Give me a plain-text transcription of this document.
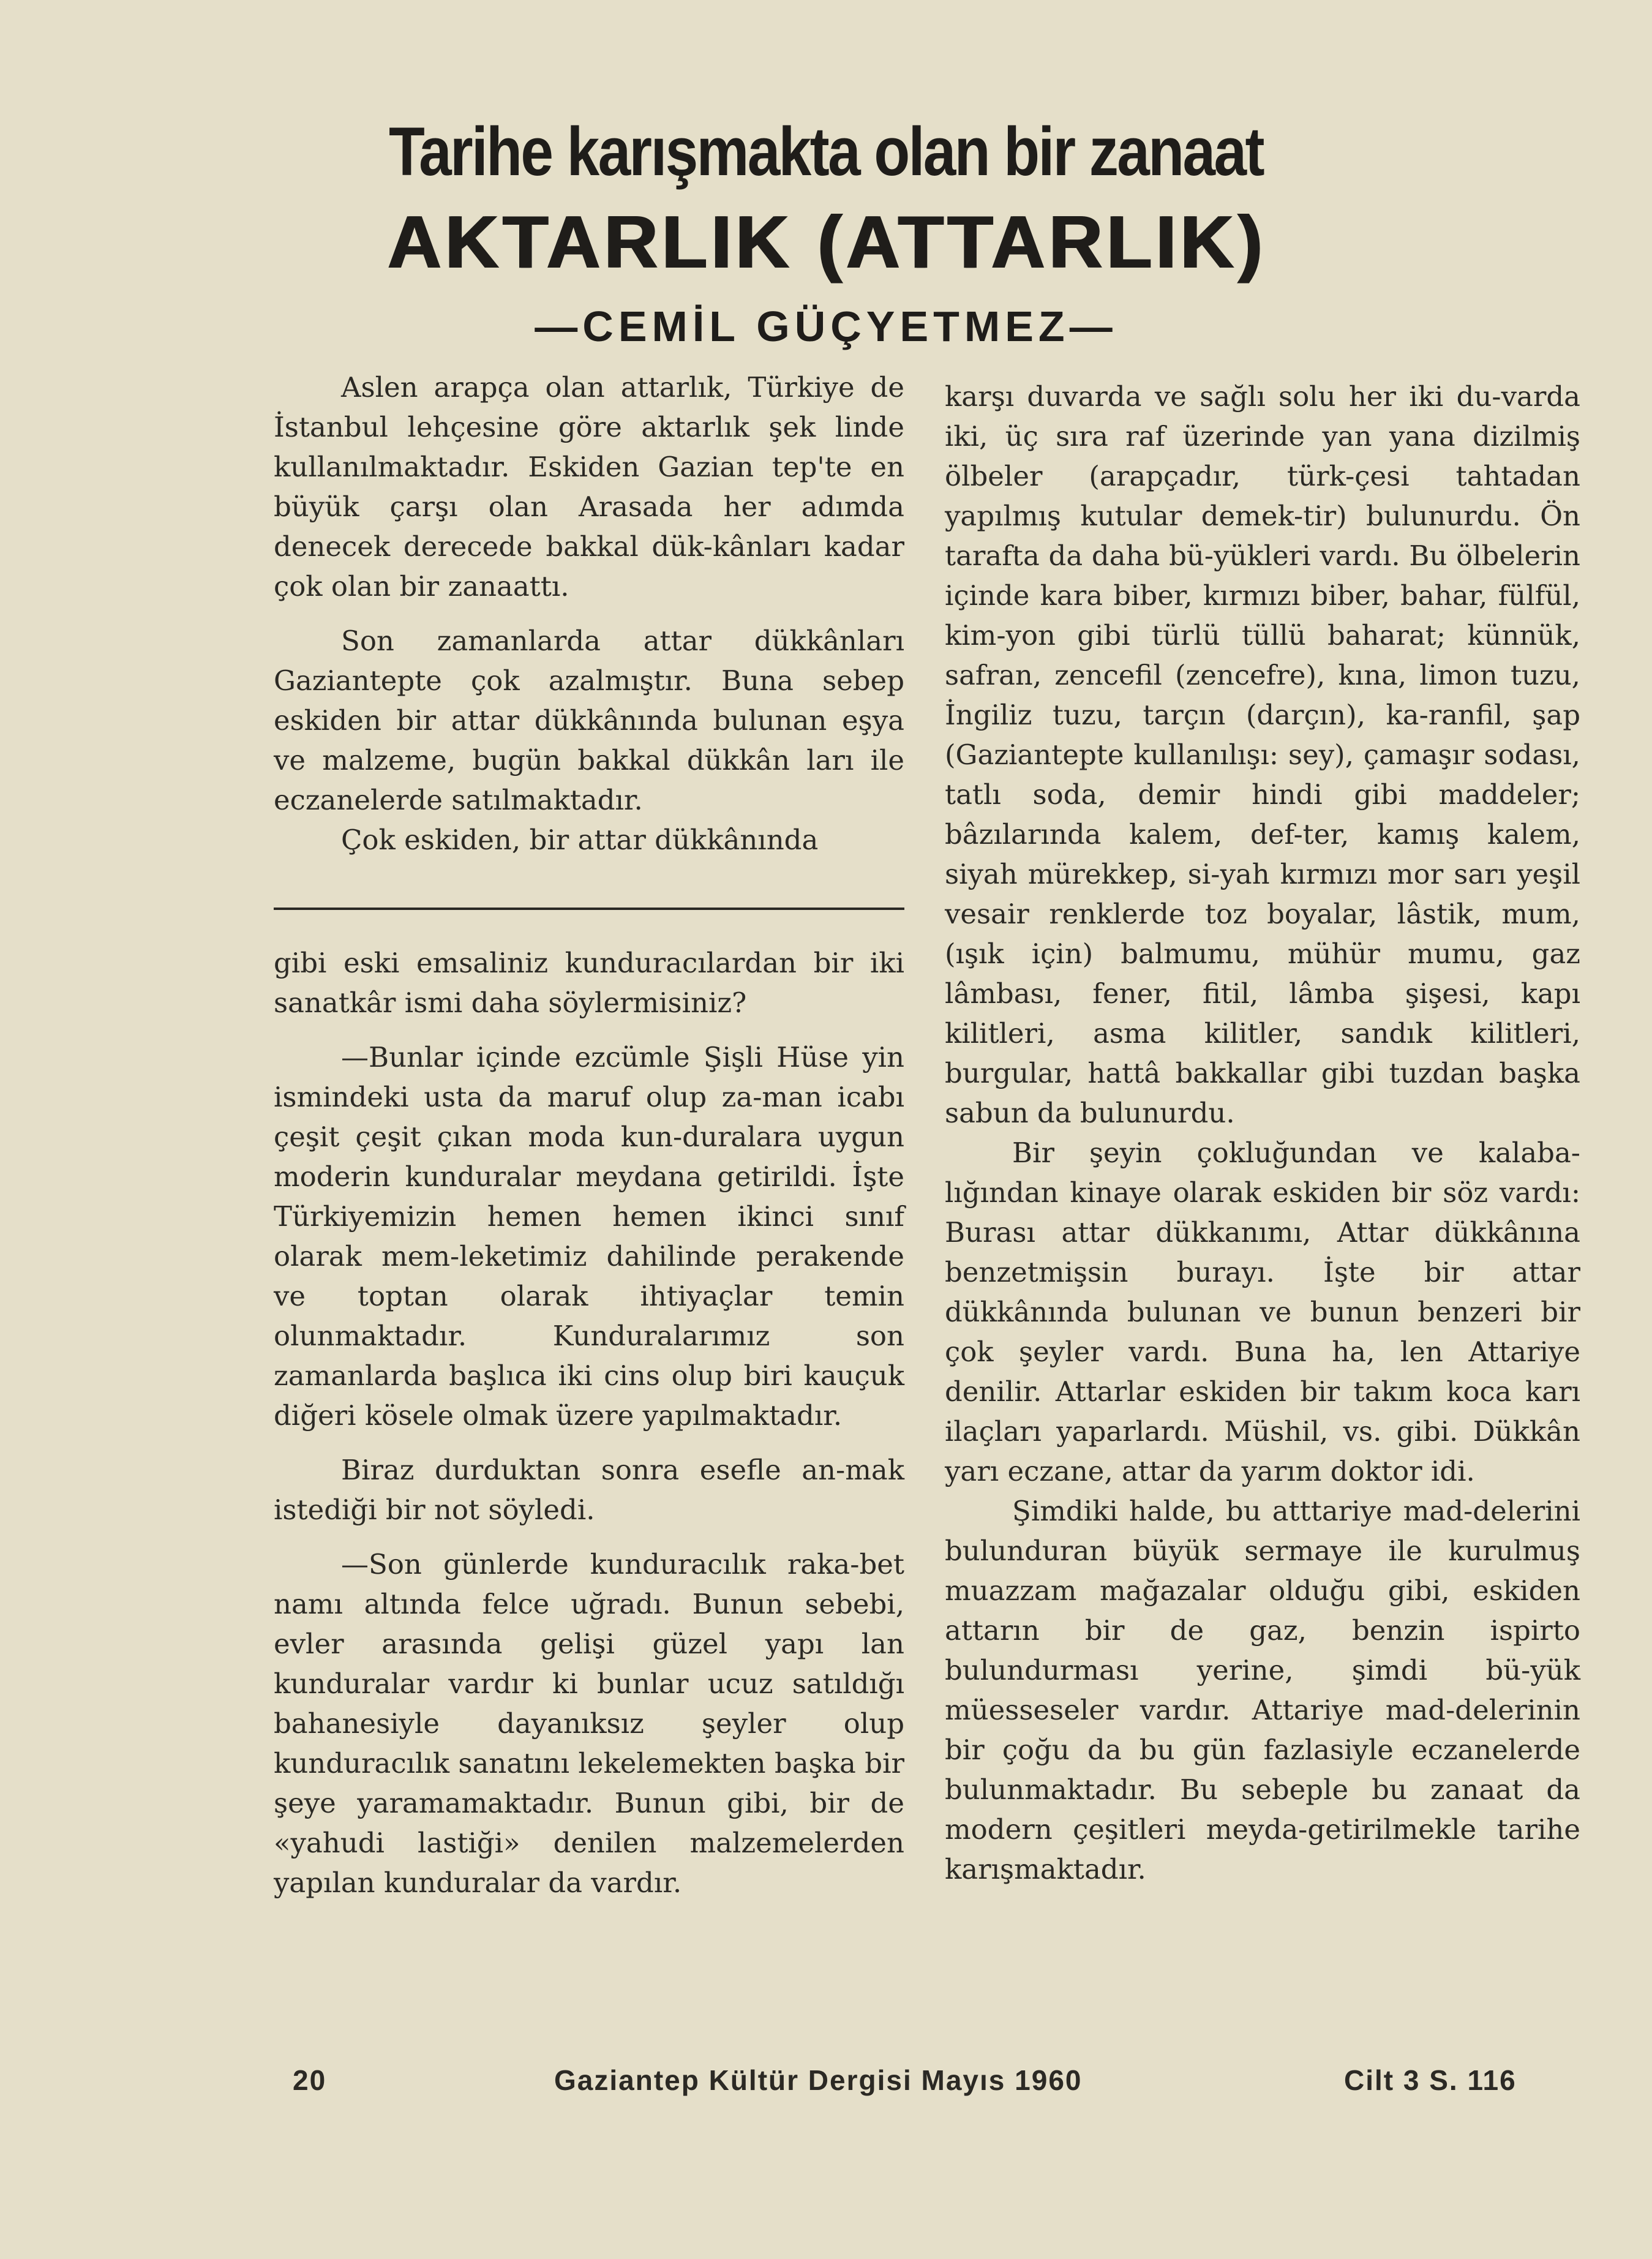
Tarihe karışmakta olan bir zanaat
AKTARLIK (ATTARLIK)
—CEMİL GÜÇYETMEZ—

Aslen arapça olan attarlık, Türkiye de İstanbul lehçesine göre aktarlık şek linde kullanılmaktadır. Eskiden Gazian tep'te en büyük çarşı olan Arasada her adımda denecek derecede bakkal dük-kânları kadar çok olan bir zanaattı.

Son zamanlarda attar dükkânları Gaziantepte çok azalmıştır. Buna sebep eskiden bir attar dükkânında bulunan eşya ve malzeme, bugün bakkal dükkân ları ile eczanelerde satılmaktadır.

Çok eskiden, bir attar dükkânında

gibi eski emsaliniz kunduracılardan bir iki sanatkâr ismi daha söylermisiniz?

—Bunlar içinde ezcümle Şişli Hüse yin ismindeki usta da maruf olup za-man icabı çeşit çeşit çıkan moda kun-duralara uygun moderin kunduralar meydana getirildi. İşte Türkiyemizin hemen hemen ikinci sınıf olarak mem-leketimiz dahilinde perakende ve toptan olarak ihtiyaçlar temin olunmaktadır. Kunduralarımız son zamanlarda başlıca iki cins olup biri kauçuk diğeri kösele olmak üzere yapılmaktadır.

Biraz durduktan sonra esefle an-mak istediği bir not söyledi.

—Son günlerde kunduracılık raka-bet namı altında felce uğradı. Bunun sebebi, evler arasında gelişi güzel yapı lan kunduralar vardır ki bunlar ucuz satıldığı bahanesiyle dayanıksız şeyler olup kunduracılık sanatını lekelemekten başka bir şeye yaramamaktadır. Bunun gibi, bir de «yahudi lastiği» denilen malzemelerden yapılan kunduralar da vardır.

karşı duvarda ve sağlı solu her iki du-varda iki, üç sıra raf üzerinde yan yana dizilmiş ölbeler (arapçadır, türk-çesi tahtadan yapılmış kutular demek-tir) bulunurdu. Ön tarafta da daha bü-yükleri vardı. Bu ölbelerin içinde kara biber, kırmızı biber, bahar, fülfül, kim-yon gibi türlü tüllü baharat; künnük, safran, zencefil (zencefre), kına, limon tuzu, İngiliz tuzu, tarçın (darçın), ka-ranfil, şap (Gaziantepte kullanılışı: sey), çamaşır sodası, tatlı soda, demir hindi gibi maddeler; bâzılarında kalem, def-ter, kamış kalem, siyah mürekkep, si-yah kırmızı mor sarı yeşil vesair renklerde toz boyalar, lâstik, mum, (ışık için) balmumu, mühür mumu, gaz lâmbası, fener, fitil, lâmba şişesi, kapı kilitleri, asma kilitler, sandık kilitleri, burgular, hattâ bakkallar gibi tuzdan başka sabun da bulunurdu.

Bir şeyin çokluğundan ve kalaba-lığından kinaye olarak eskiden bir söz vardı: Burası attar dükkanımı, Attar dükkânına benzetmişsin burayı. İşte bir attar dükkânında bulunan ve bunun benzeri bir çok şeyler vardı. Buna ha, len Attariye denilir. Attarlar eskiden bir takım koca karı ilaçları yaparlardı. Müshil, vs. gibi. Dükkân yarı eczane, attar da yarım doktor idi.

Şimdiki halde, bu atttariye mad-delerini bulunduran büyük sermaye ile kurulmuş muazzam mağazalar olduğu gibi, eskiden attarın bir de gaz, benzin ispirto bulundurması yerine, şimdi bü-yük müesseseler vardır. Attariye mad-delerinin bir çoğu da bu gün fazlasiyle eczanelerde bulunmaktadır. Bu sebeple bu zanaat da modern çeşitleri meyda-getirilmekle tarihe karışmaktadır.

20	Gaziantep Kültür Dergisi Mayıs 1960	Cilt 3 S. 116
